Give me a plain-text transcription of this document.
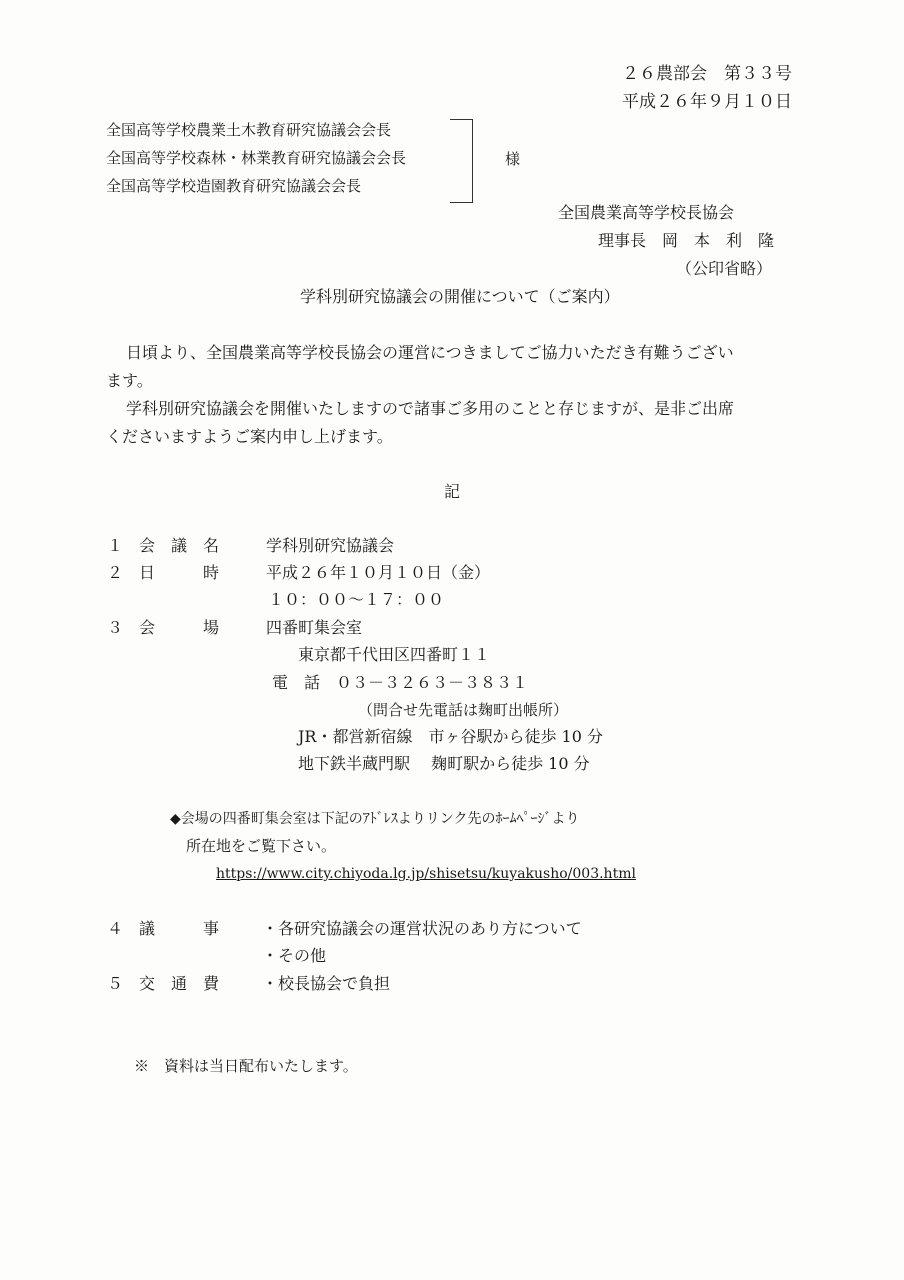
２６農部会　第３３号
平成２６年９月１０日
全国高等学校農業土木教育研究協議会会長
全国高等学校森林・林業教育研究協議会会長
全国高等学校造園教育研究協議会会長
様
全国農業高等学校長協会
理事長　岡　本　利　隆
（公印省略）
学科別研究協議会の開催について（ご案内）
日頃より、全国農業高等学校長協会の運営につきましてご協力いただき有難うござい
ます。
学科別研究協議会を開催いたしますので諸事ご多用のことと存じますが、是非ご出席
くださいますようご案内申し上げます。
記
１　会　議　名	学科別研究協議会
２　日　　　時	平成２６年１０月１０日（金）
１０：００～１７：００
３　会　　　場	四番町集会室
東京都千代田区四番町１１
電　話　０３－３２６３－３８３１
（問合せ先電話は麹町出帳所）
JR・都営新宿線　市ヶ谷駅から徒歩 10 分
地下鉄半蔵門駅　 麹町駅から徒歩 10 分
◆会場の四番町集会室は下記のｱﾄﾞﾚｽよりリンク先のﾎｰﾑﾍﾟｰｼﾞより
所在地をご覧下さい。
https://www.city.chiyoda.lg.jp/shisetsu/kuyakusho/003.html
４　議　　　事	・各研究協議会の運営状況のあり方について
・その他
５　交　通　費	・校長協会で負担
※　資料は当日配布いたします。
